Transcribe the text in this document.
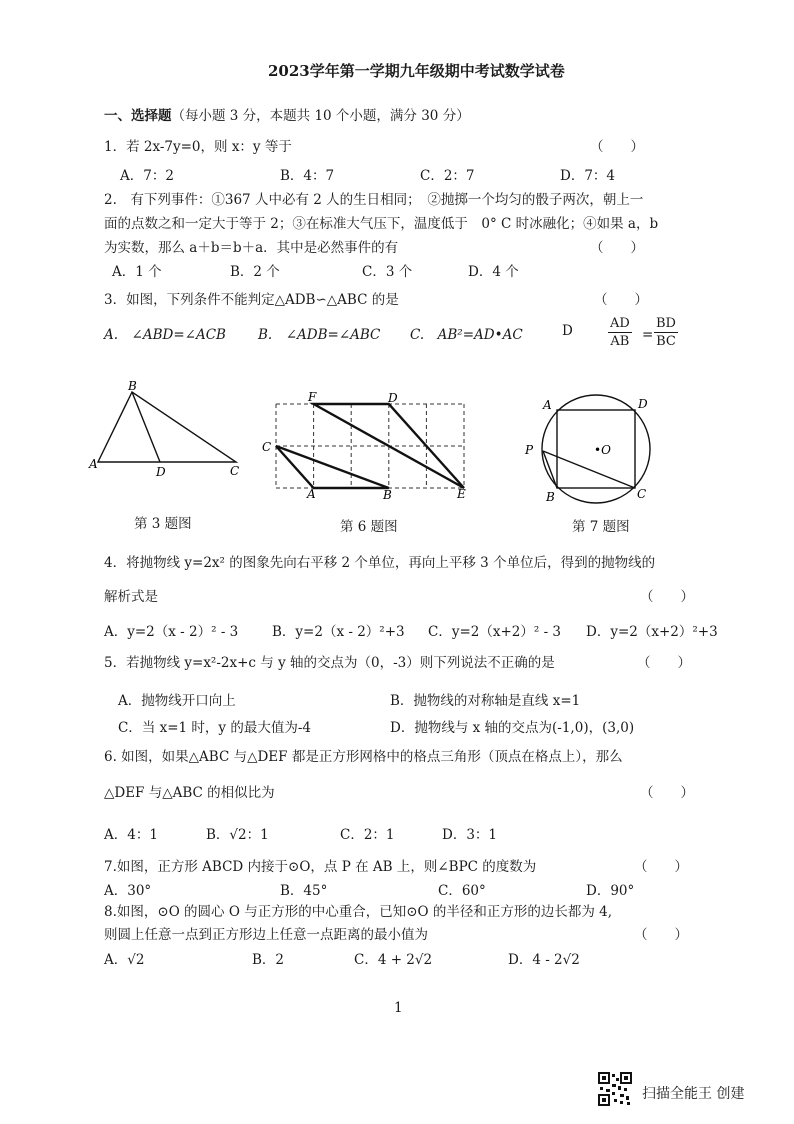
2023学年第一学期九年级期中考试数学试卷
一、选择题（每小题 3 分，本题共 10 个小题，满分 30 分）
1．若 2x-7y=0，则 x：y 等于	（　　）
A．7：2	B．4：7	C．2：7	D．7：4
2.　有下列事件：①367 人中必有 2 人的生日相同；　②抛掷一个均匀的骰子两次，朝上一
面的点数之和一定大于等于 2；③在标准大气压下，温度低于　0° C 时冰融化；④如果 a，b
为实数，那么 a＋b＝b＋a．其中是必然事件的有	（　　）
A．1 个	B．2 个	C．3 个	D．4 个
3．如图，下列条件不能判定△ADB∽△ABC 的是	（　　）
A.　∠ABD=∠ACB B.　∠ADB=∠ABC C.　AB²=AD•AC	D	$\frac{AD}{AB} = \frac{BD}{BC}$
B
A
D	C
第 3 题图
F	D
C
A	B	E
第 6 题图
A	D
P	•O
B	C
第 7 题图
4．将抛物线 y=2x² 的图象先向右平移 2 个单位，再向上平移 3 个单位后，得到的抛物线的
解析式是	（　　）
A．y=2（x - 2）² - 3 B．y=2（x - 2）²+3 C．y=2（x+2）² - 3 D．y=2（x+2）²+3
5．若抛物线 y=x²-2x+c 与 y 轴的交点为（0，-3）则下列说法不正确的是	（　　）
A．抛物线开口向上	B．抛物线的对称轴是直线 x=1
C．当 x=1 时，y 的最大值为-4	D．抛物线与 x 轴的交点为(-1,0)，(3,0)
6. 如图，如果△ABC 与△DEF 都是正方形网格中的格点三角形（顶点在格点上），那么
△DEF 与△ABC 的相似比为	（　　）
A．4：1	B．√2：1	C．2：1	D．3：1
7.如图，正方形 ABCD 内接于⊙O，点 P 在 AB 上，则∠BPC 的度数为	（　　）
A．30°	B．45°	C．60°	D．90°
8.如图，⊙O 的圆心 O 与正方形的中心重合，已知⊙O 的半径和正方形的边长都为 4,
则圆上任意一点到正方形边上任意一点距离的最小值为	（　　）
A．√2	B．2	C．4 + 2√2	D．4 - 2√2
1
扫描全能王 创建
